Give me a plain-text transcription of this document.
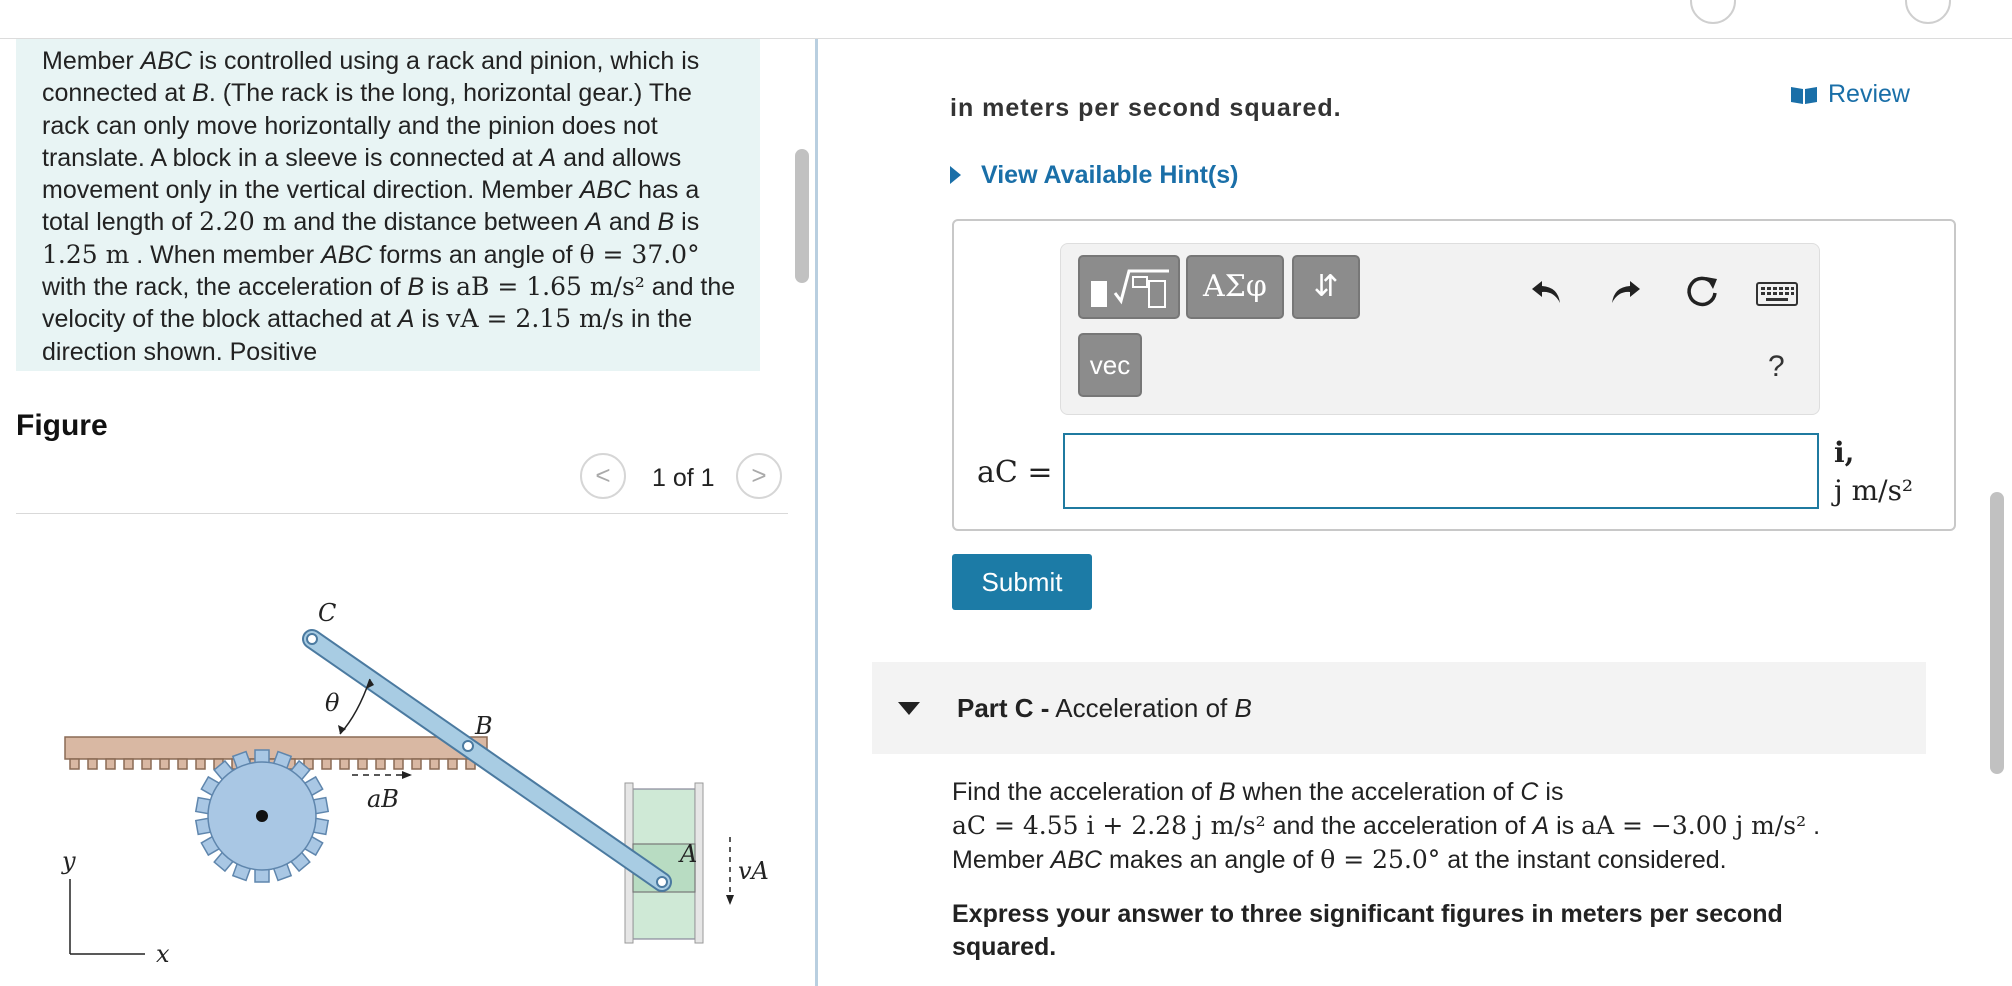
Member ABC is controlled using a rack and pinion, which is connected at B. (The rack is the long, horizontal gear.) The rack can only move horizontally and the pinion does not translate. A block in a sleeve is connected at A and allows movement only in the vertical direction. Member ABC has a total length of 2.20 m and the distance between A and B is 1.25 m . When member ABC forms an angle of θ = 37.0° with the rack, the acceleration of B is aB = 1.65 m/s² and the velocity of the block attached at A is vA = 2.15 m/s in the direction shown. Positive
Figure
<	1 of 1	>
C
B
A
θ
aB
vA
y
x
Review
in meters per second squared.
View Available Hint(s)
ΑΣφ	⇵
vec	?
aC =
i,
j m/s²
Submit
Part C - Acceleration of B
Find the acceleration of B when the acceleration of C is
aC = 4.55 i + 2.28 j m/s² and the acceleration of A is aA = −3.00 j m/s² .
Member ABC makes an angle of θ = 25.0° at the instant considered.
Express your answer to three significant figures in meters per second squared.
